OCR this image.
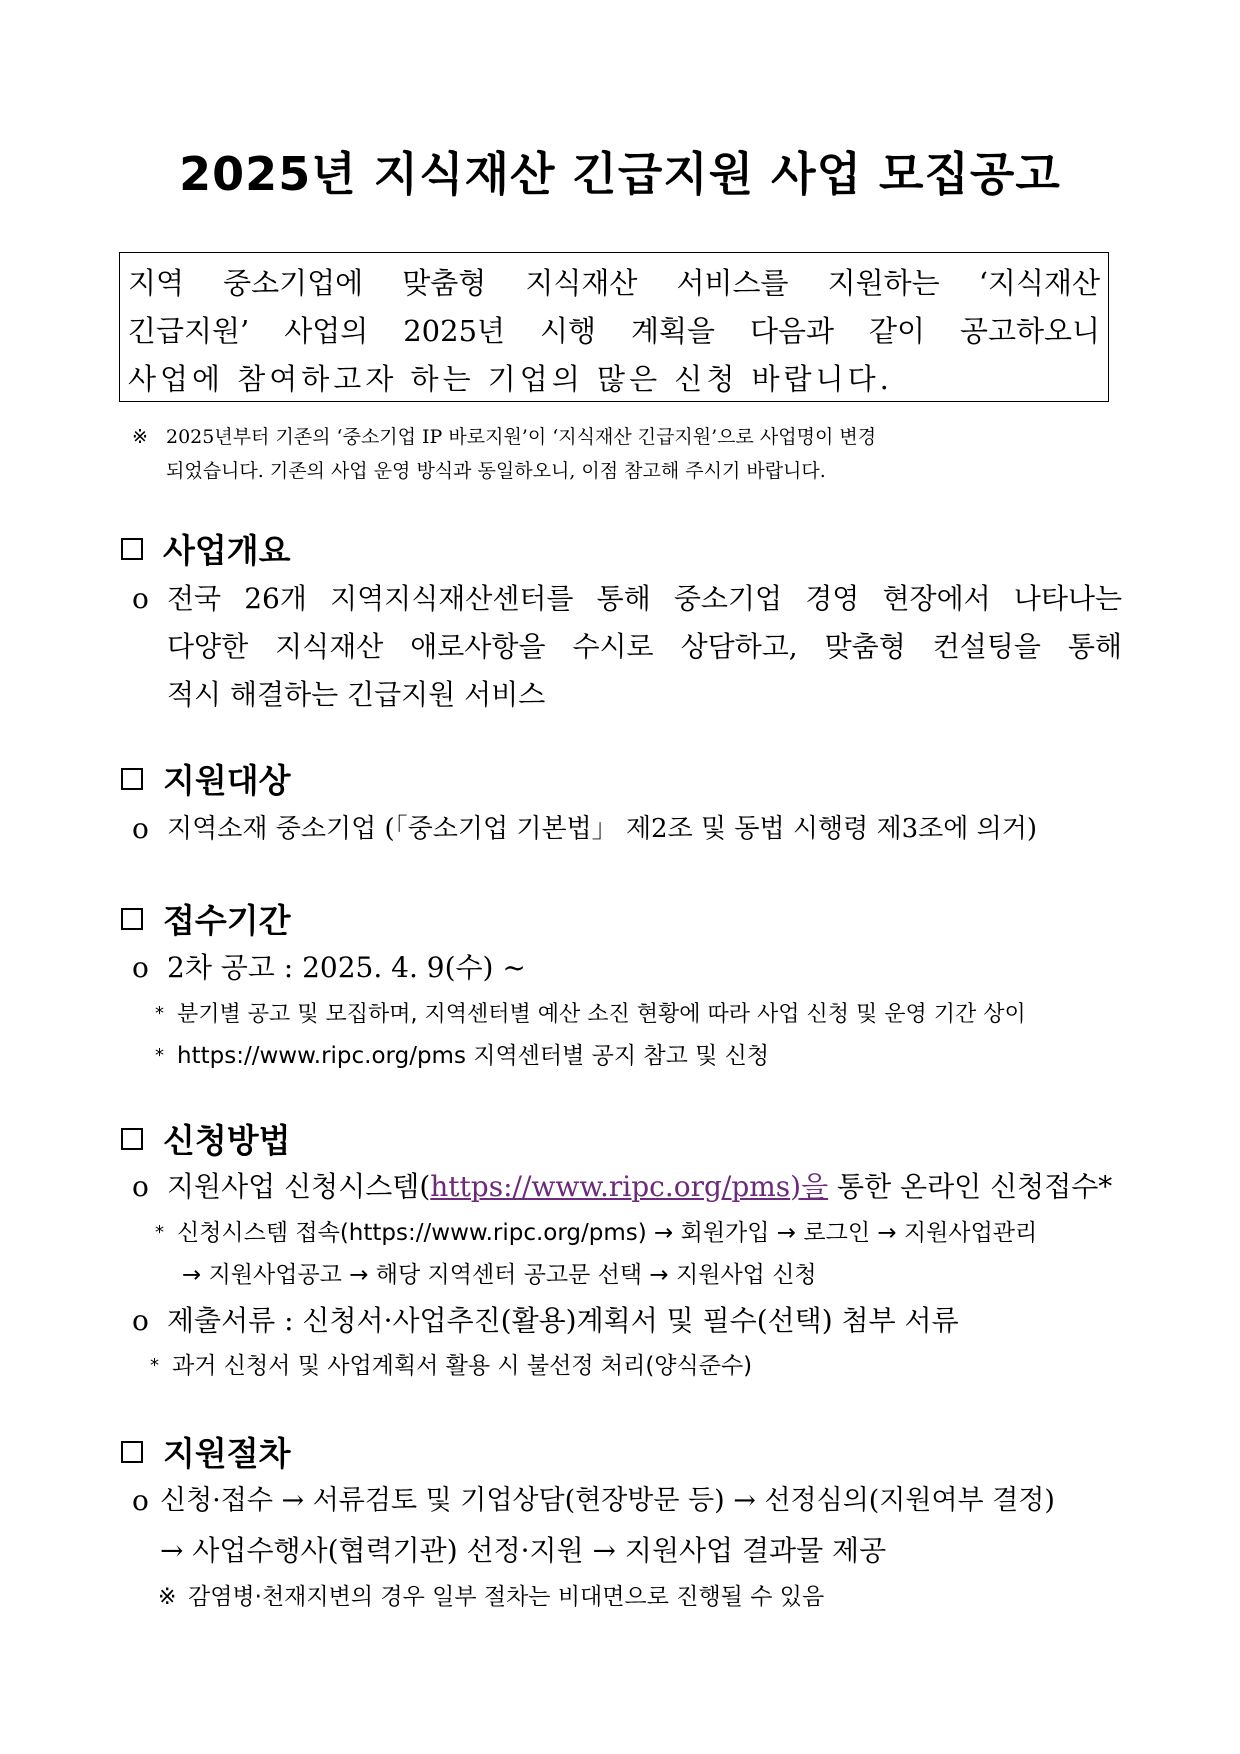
2025년 지식재산 긴급지원 사업 모집공고
지역 중소기업에 맞춤형 지식재산 서비스를 지원하는 ‘지식재산
긴급지원’ 사업의 2025년 시행 계획을 다음과 같이 공고하오니
사업에 참여하고자 하는 기업의 많은 신청 바랍니다.
※ 2025년부터 기존의 ‘중소기업 IP 바로지원’이 ‘지식재산 긴급지원’으로 사업명이 변경
되었습니다. 기존의 사업 운영 방식과 동일하오니, 이점 참고해 주시기 바랍니다.
사업개요
o 전국 26개 지역지식재산센터를 통해 중소기업 경영 현장에서 나타나는
다양한 지식재산 애로사항을 수시로 상담하고, 맞춤형 컨설팅을 통해
적시 해결하는 긴급지원 서비스
지원대상
o 지역소재 중소기업 (「중소기업 기본법」 제2조 및 동법 시행령 제3조에 의거)
접수기간
o 2차 공고 : 2025. 4. 9(수) ~
* 분기별 공고 및 모집하며, 지역센터별 예산 소진 현황에 따라 사업 신청 및 운영 기간 상이
* https://www.ripc.org/pms 지역센터별 공지 참고 및 신청
신청방법
o 지원사업 신청시스템(https://www.ripc.org/pms)을 통한 온라인 신청접수*
* 신청시스템 접속(https://www.ripc.org/pms) → 회원가입 → 로그인 → 지원사업관리
→ 지원사업공고 → 해당 지역센터 공고문 선택 → 지원사업 신청
o 제출서류 : 신청서·사업추진(활용)계획서 및 필수(선택) 첨부 서류
* 과거 신청서 및 사업계획서 활용 시 불선정 처리(양식준수)
지원절차
o 신청·접수 → 서류검토 및 기업상담(현장방문 등) → 선정심의(지원여부 결정)
→ 사업수행사(협력기관) 선정·지원 → 지원사업 결과물 제공
※ 감염병·천재지변의 경우 일부 절차는 비대면으로 진행될 수 있음
